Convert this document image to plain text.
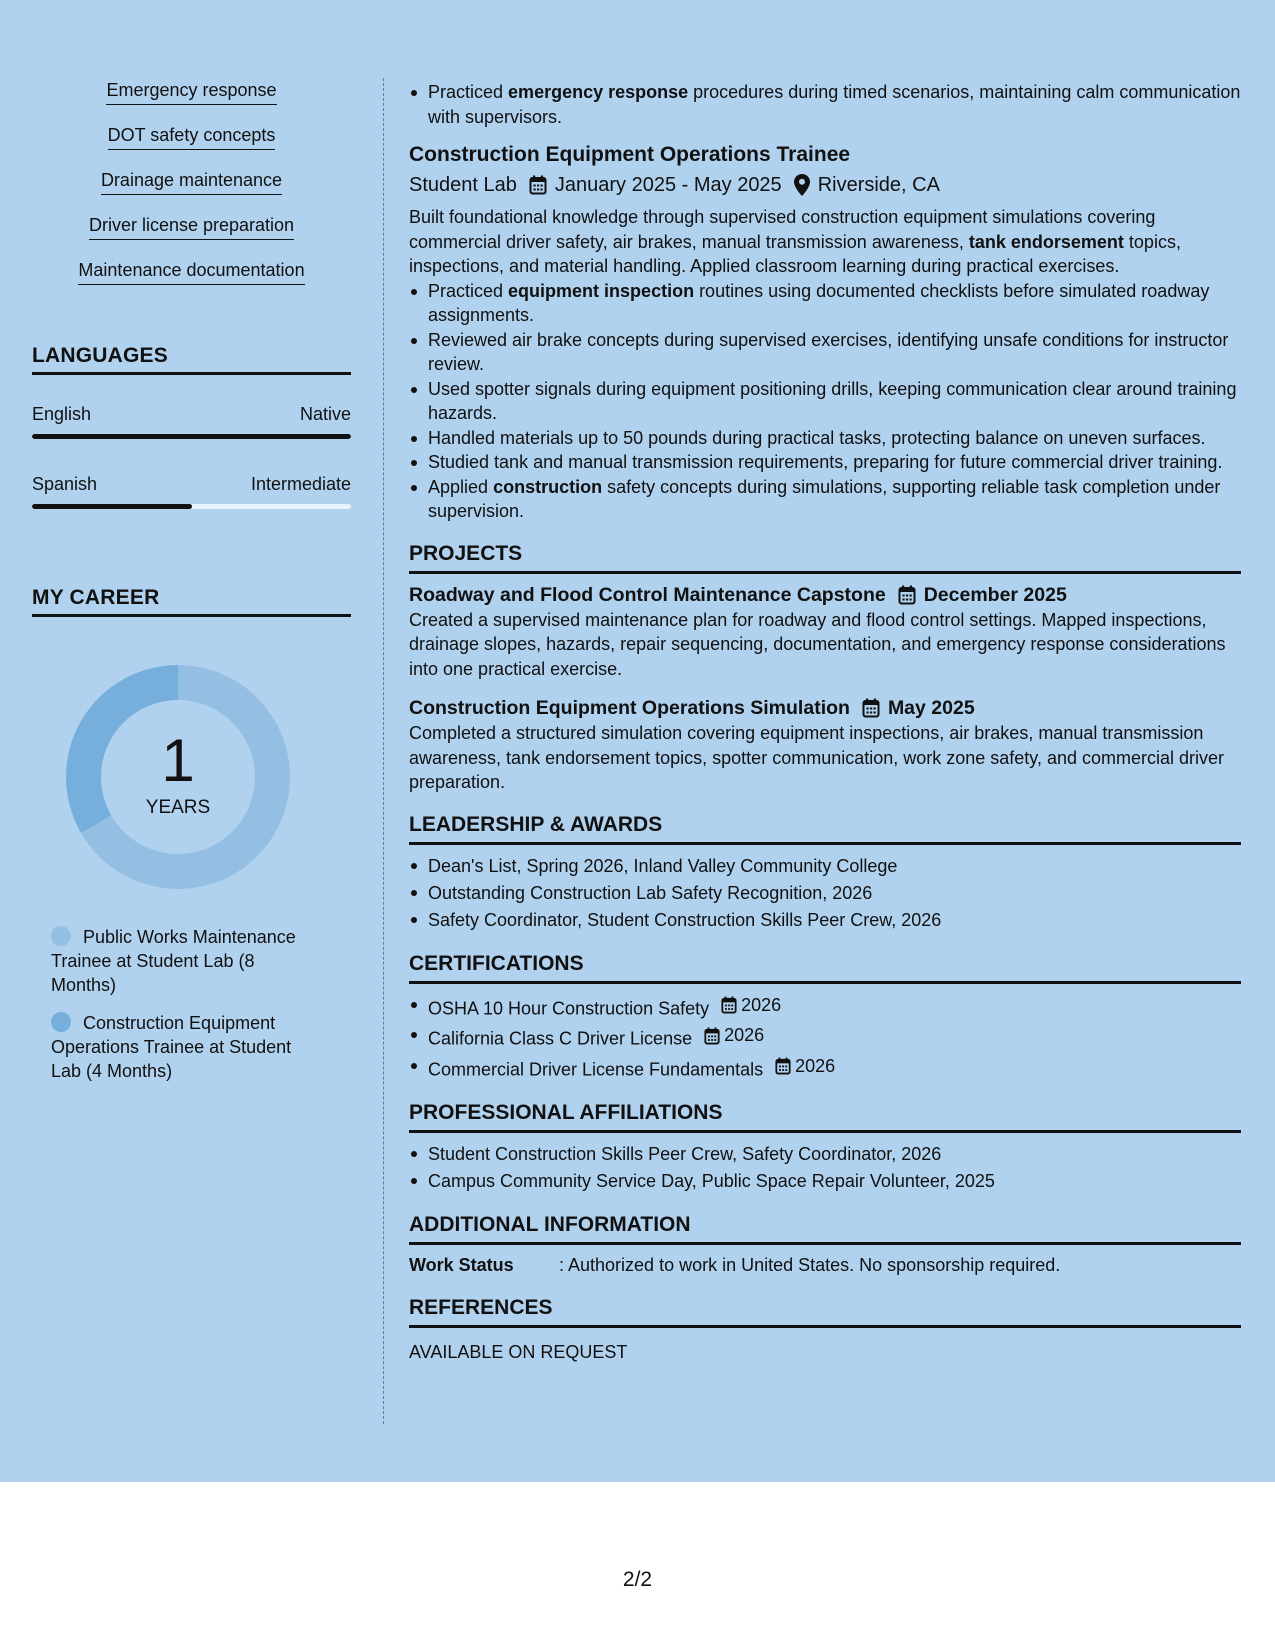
Emergency response
DOT safety concepts
Drainage maintenance
Driver license preparation
Maintenance documentation
LANGUAGES
English	Native
Spanish	Intermediate
MY CAREER
1
YEARS
Public Works Maintenance Trainee at Student Lab (8 Months)
Construction Equipment Operations Trainee at Student Lab (4 Months)
Practiced emergency response procedures during timed scenarios, maintaining calm communication with supervisors.
Construction Equipment Operations Trainee
Student Lab January 2025 - May 2025 Riverside, CA

Built foundational knowledge through supervised construction equipment simulations covering commercial driver safety, air brakes, manual transmission awareness, tank endorsement topics, inspections, and material handling. Applied classroom learning during practical exercises.

Practiced equipment inspection routines using documented checklists before simulated roadway assignments.
Reviewed air brake concepts during supervised exercises, identifying unsafe conditions for instructor review.
Used spotter signals during equipment positioning drills, keeping communication clear around training hazards.
Handled materials up to 50 pounds during practical tasks, protecting balance on uneven surfaces.
Studied tank and manual transmission requirements, preparing for future commercial driver training.
Applied construction safety concepts during simulations, supporting reliable task completion under supervision.
PROJECTS
Roadway and Flood Control Maintenance Capstone December 2025

Created a supervised maintenance plan for roadway and flood control settings. Mapped inspections, drainage slopes, hazards, repair sequencing, documentation, and emergency response considerations into one practical exercise.

Construction Equipment Operations Simulation May 2025

Completed a structured simulation covering equipment inspections, air brakes, manual transmission awareness, tank endorsement topics, spotter communication, work zone safety, and commercial driver preparation.

LEADERSHIP & AWARDS
Dean's List, Spring 2026, Inland Valley Community College
Outstanding Construction Lab Safety Recognition, 2026
Safety Coordinator, Student Construction Skills Peer Crew, 2026
CERTIFICATIONS
OSHA 10 Hour Construction Safety 2026
California Class C Driver License 2026
Commercial Driver License Fundamentals 2026
PROFESSIONAL AFFILIATIONS
Student Construction Skills Peer Crew, Safety Coordinator, 2026
Campus Community Service Day, Public Space Repair Volunteer, 2025
ADDITIONAL INFORMATION
Work Status	: Authorized to work in United States. No sponsorship required.
REFERENCES
AVAILABLE ON REQUEST
2/2
